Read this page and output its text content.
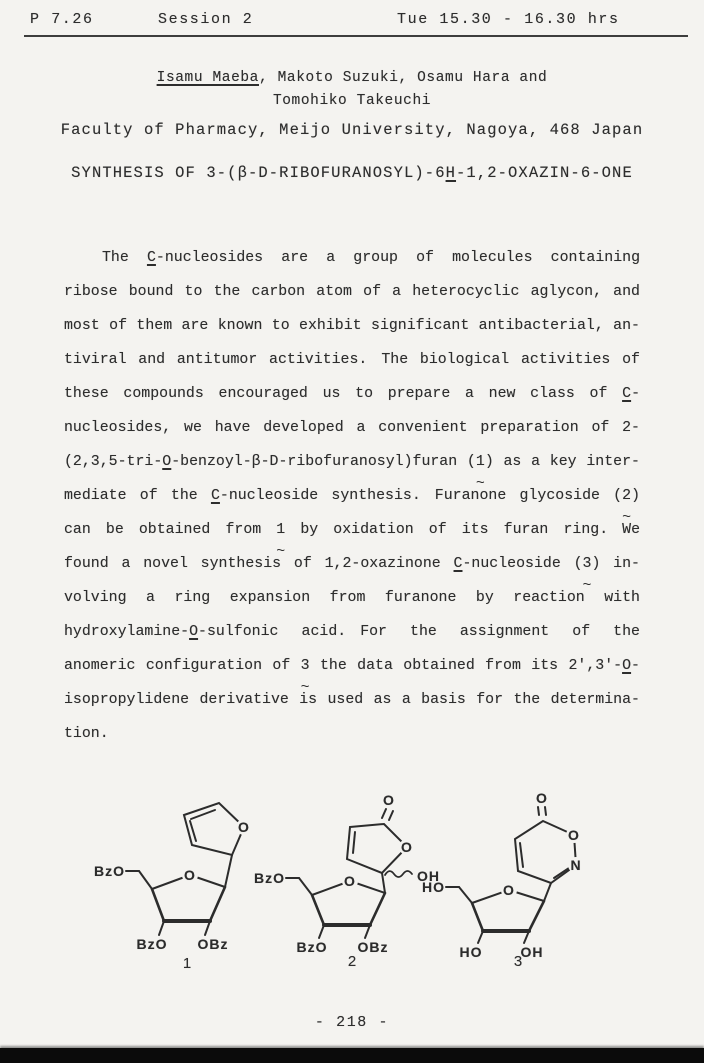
P 7.26	Session 2	Tue 15.30 - 16.30 hrs
Isamu Maeba, Makoto Suzuki, Osamu Hara and
Tomohiko Takeuchi
Faculty of Pharmacy, Meijo University, Nagoya, 468 Japan
SYNTHESIS OF 3-(β-D-RIBOFURANOSYL)-6H-1,2-OXAZIN-6-ONE
The C-nucleosides are a group of molecules containing
ribose bound to the carbon atom of a heterocyclic aglycon, and
most of them are known to exhibit significant antibacterial, an-
tiviral and antitumor activities. The biological activities of
these compounds encouraged us to prepare a new class of C-
nucleosides, we have developed a convenient preparation of 2-
(2,3,5-tri-O-benzoyl-β-D-ribofuranosyl)furan (1 ~) as a key inter-
mediate of the C-nucleoside synthesis. Furanone glycoside (2 ~)
can be obtained from 1 ~ by oxidation of its furan ring. We
found a novel synthesis of 1,2-oxazinone C-nucleoside (3 ~) in-
volving a ring expansion from furanone by reaction with
hydroxylamine-O-sulfonic acid. For the assignment of the
anomeric configuration of 3 ~ the data obtained from its 2',3'-O-
isopropylidene derivative is used as a basis for the determina-
tion.
O
O
BzO
BzO OBz
1
O
O
OH
O
BzO
BzO OBz
2
O
O
N
O
HO
HO	OH
3
- 218 -
